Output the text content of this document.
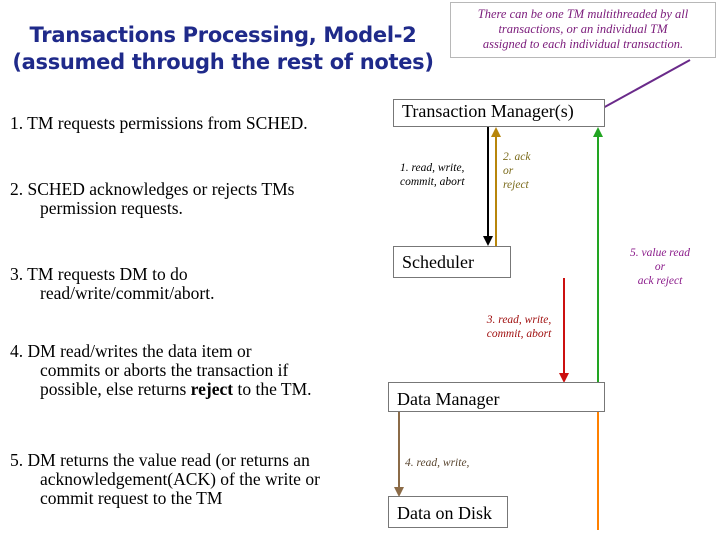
Transactions Processing, Model-2
(assumed through the rest of notes)
There can be one TM multithreaded by all
transactions, or an individual TM
assigned to each individual transaction.
1. TM requests permissions from SCHED.
2. SCHED acknowledges or rejects TMs
permission requests.
3. TM requests DM to do
read/write/commit/abort.
4. DM read/writes the data item or
commits or aborts the transaction if
possible, else returns reject to the TM.
5. DM returns the value read (or returns an
acknowledgement(ACK) of the write or
commit request to the TM
Transaction Manager(s)
Scheduler
Data Manager
Data on Disk
1. read, write,
commit, abort
2. ack
or
reject
3. read, write,
commit, abort
4. read, write,
5. value read
or
ack reject
